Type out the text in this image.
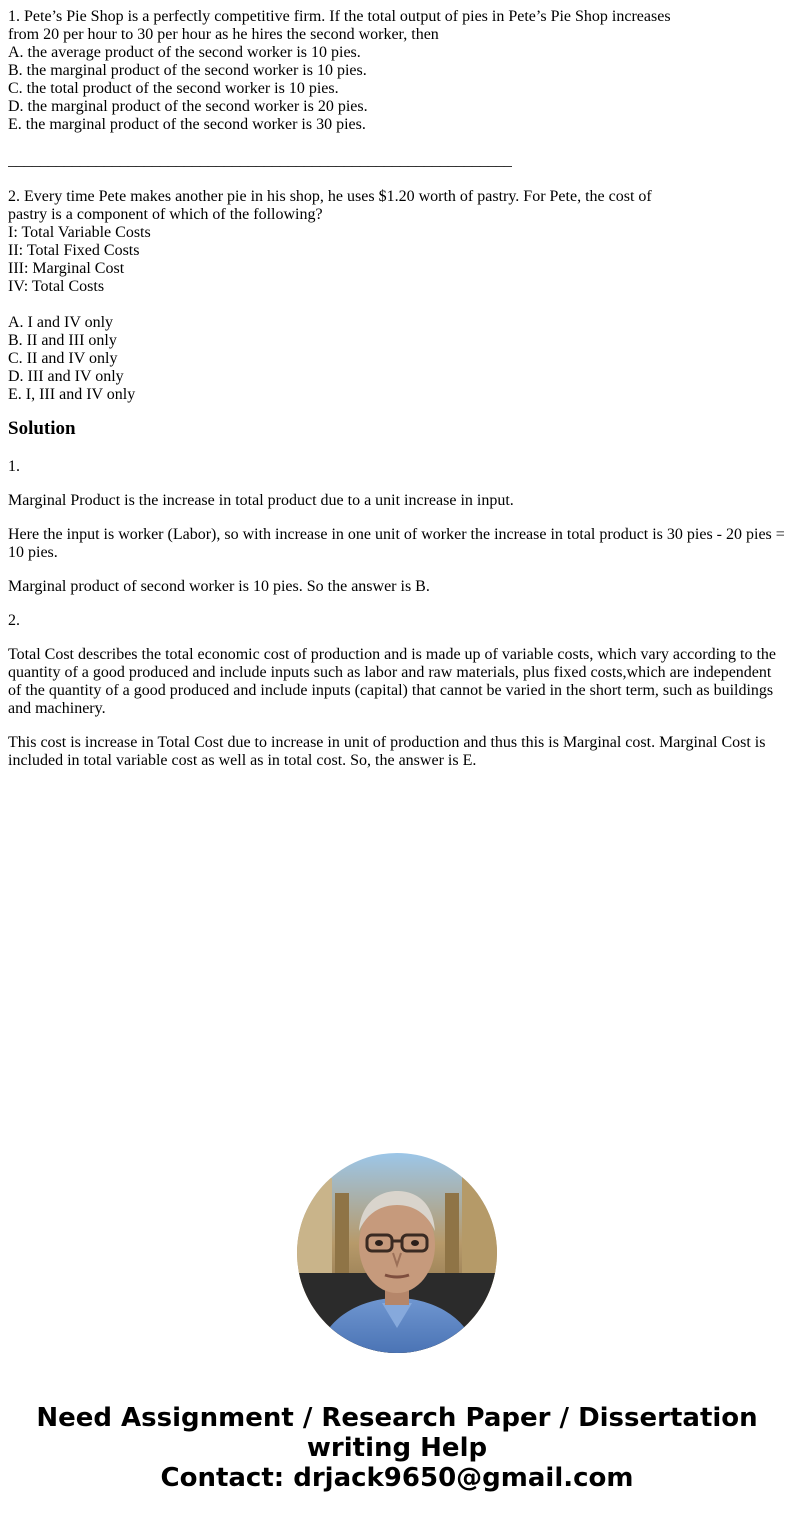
1. Pete’s Pie Shop is a perfectly competitive firm. If the total output of pies in Pete’s Pie Shop increases
from 20 per hour to 30 per hour as he hires the second worker, then
A. the average product of the second worker is 10 pies.
B. the marginal product of the second worker is 10 pies.
C. the total product of the second worker is 10 pies.
D. the marginal product of the second worker is 20 pies.
E. the marginal product of the second worker is 30 pies.
_______________________________________________________________
2. Every time Pete makes another pie in his shop, he uses $1.20 worth of pastry. For Pete, the cost of
pastry is a component of which of the following?
I: Total Variable Costs
II: Total Fixed Costs
III: Marginal Cost
IV: Total Costs
A. I and IV only
B. II and III only
C. II and IV only
D. III and IV only
E. I, III and IV only
Solution

1.

Marginal Product is the increase in total product due to a unit increase in input.

Here the input is worker (Labor), so with increase in one unit of worker the increase in total product is 30 pies - 20 pies = 10 pies.

Marginal product of second worker is 10 pies. So the answer is B.

2.

Total Cost describes the total economic cost of production and is made up of variable costs, which vary according to the quantity of a good produced and include inputs such as labor and raw materials, plus fixed costs,which are independent of the quantity of a good produced and include inputs (capital) that cannot be varied in the short term, such as buildings and machinery.

This cost is increase in Total Cost due to increase in unit of production and thus this is Marginal cost. Marginal Cost is included in total variable cost as well as in total cost. So, the answer is E.

Need Assignment / Research Paper / Dissertation
writing Help
Contact: drjack9650@gmail.com
